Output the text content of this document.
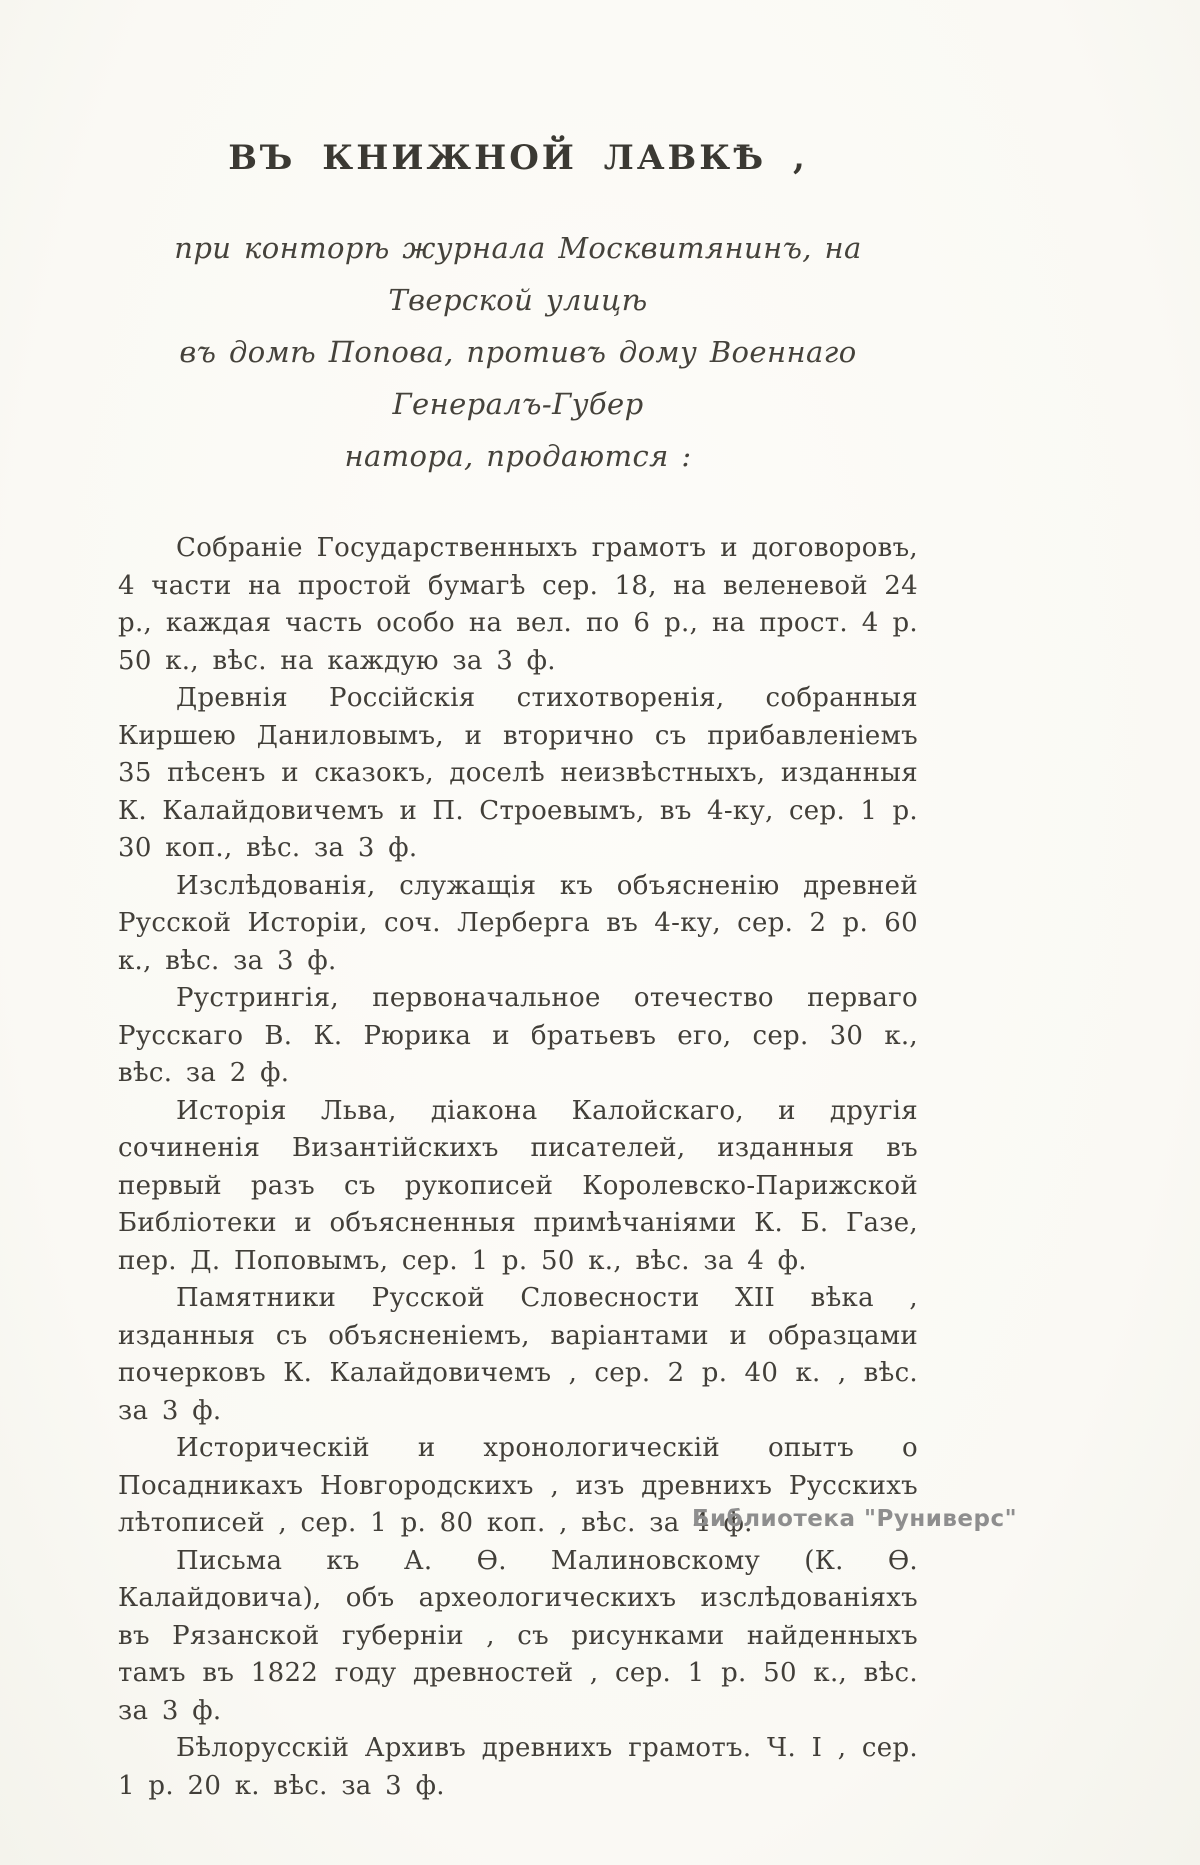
ВЪ КНИЖНОЙ ЛАВКѢ ,
при конторѣ журнала Москвитянинъ, на Тверской улицѣ
въ домѣ Попова, противъ дому Военнаго Генералъ-Губер
натора, продаются :

Собраніе Государственныхъ грамотъ и договоровъ, 4 части на простой бумагѣ сер. 18, на веленевой 24 р., каждая часть особо на вел. по 6 р., на прост. 4 р. 50 к., вѣс. на каждую за 3 ф.

Древнія Россійскія стихотворенія, собранныя Киршею Даниловымъ, и вторично съ прибавленіемъ 35 пѣсенъ и сказокъ, доселѣ неизвѣстныхъ, изданныя К. Калайдовичемъ и П. Строевымъ, въ 4-ку, сер. 1 р. 30 коп., вѣс. за 3 ф.

Изслѣдованія, служащія къ объясненію древней Русской Исторіи, соч. Лерберга въ 4-ку, сер. 2 р. 60 к., вѣс. за 3 ф.

Рустрингія, первоначальное отечество перваго Русскаго В. К. Рюрика и братьевъ его, сер. 30 к., вѣс. за 2 ф.

Исторія Льва, діакона Калойскаго, и другія сочиненія Византійскихъ писателей, изданныя въ первый разъ съ рукописей Королевско-Парижской Библіотеки и объясненныя примѣчаніями К. Б. Газе, пер. Д. Поповымъ, сер. 1 р. 50 к., вѣс. за 4 ф.

Памятники Русской Словесности XII вѣка , изданныя съ объясненіемъ, варіантами и образцами почерковъ К. Калайдовичемъ , сер. 2 р. 40 к. , вѣс. за 3 ф.

Историческій и хронологическій опытъ о Посадникахъ Новгородскихъ , изъ древнихъ Русскихъ лѣтописей , сер. 1 р. 80 коп. , вѣс. за 4 ф.

Письма къ А. Ѳ. Малиновскому (К. Ѳ. Калайдовича), объ археологическихъ изслѣдованіяхъ въ Рязанской губерніи , съ рисунками найденныхъ тамъ въ 1822 году древностей , сер. 1 р. 50 к., вѣс. за 3 ф.

Бѣлорусскій Архивъ древнихъ грамотъ. Ч. I , сер. 1 р. 20 к. вѣс. за 3 ф.

Библиотека "Руниверс"
